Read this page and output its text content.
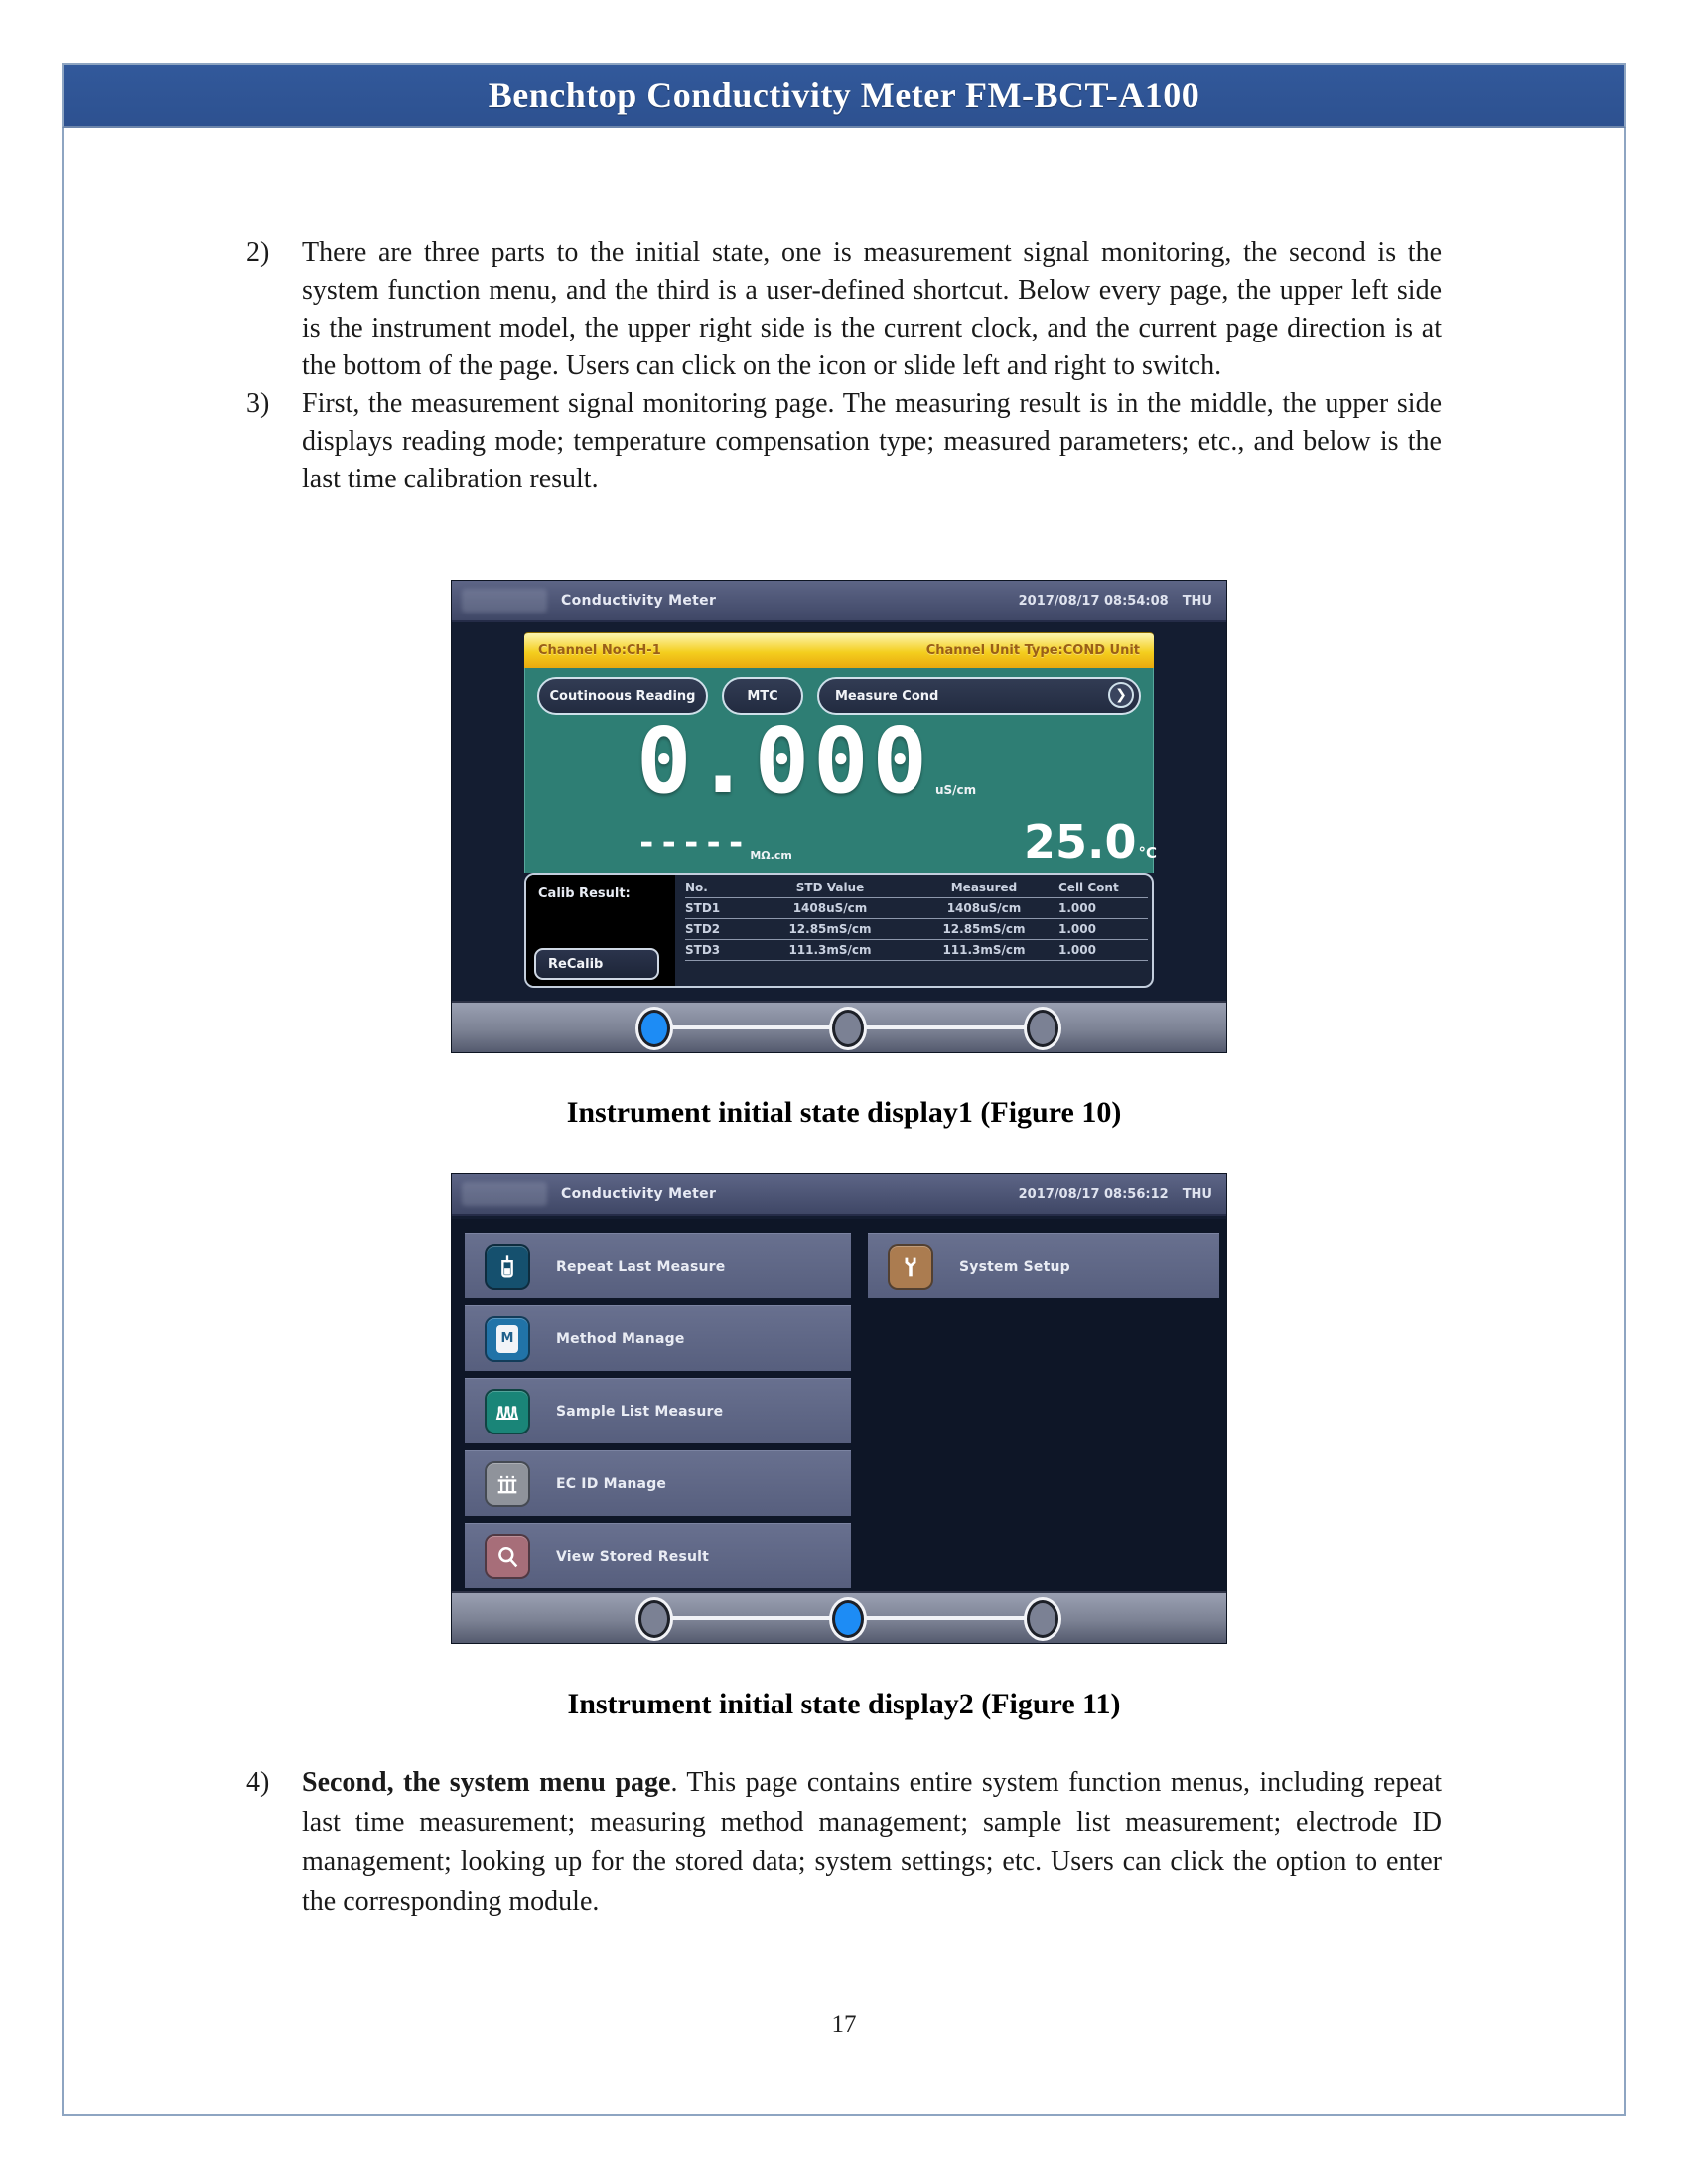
Benchtop Conductivity Meter FM-BCT-A100
2)	There are three parts to the initial state, one is measurement signal monitoring, the second is the system function menu, and the third is a user-defined shortcut. Below every page, the upper left side is the instrument model, the upper right side is the current clock, and the current page direction is at the bottom of the page. Users can click on the icon or slide left and right to switch.
3)	First, the measurement signal monitoring page. The measuring result is in the middle, the upper side displays reading mode; temperature compensation type; measured parameters; etc., and below is the last time calibration result.
Conductivity Meter	2017/08/17 08:54:08 THU
Channel No:CH-1	Channel Unit Type:COND Unit
Coutinoous Reading	MTC	Measure Cond	❯
0.000 uS/cm
----- MΩ.cm	25.0 °C
Calib Result:
ReCalib
No.	STD Value	Measured	Cell Cont
STD1	1408uS/cm	1408uS/cm	1.000
STD2	12.85mS/cm	12.85mS/cm	1.000
STD3	111.3mS/cm	111.3mS/cm	1.000
Instrument initial state display1 (Figure 10)
Conductivity Meter	2017/08/17 08:56:12 THU
Repeat Last Measure
M	Method Manage
Sample List Measure
EC ID Manage
View Stored Result
System Setup
Instrument initial state display2 (Figure 11)
4)	Second, the system menu page. This page contains entire system function menus, including repeat last time measurement; measuring method management; sample list measurement; electrode ID management; looking up for the stored data; system settings; etc. Users can click the option to enter the corresponding module.
17
